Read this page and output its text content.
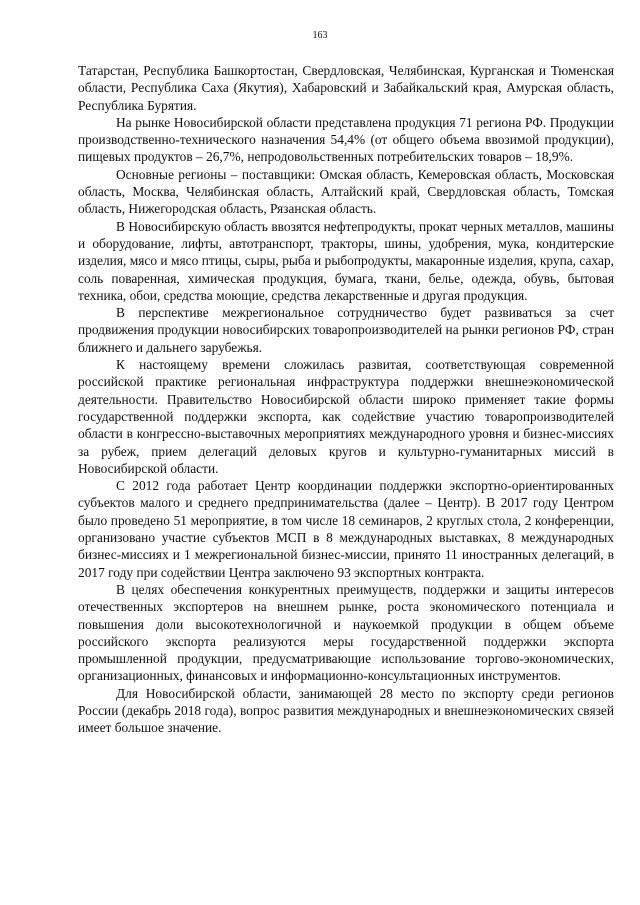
163

Татарстан, Республика Башкортостан, Свердловская, Челябинская, Курганская и Тюменская области, Республика Саха (Якутия), Хабаровский и Забайкальский края, Амурская область, Республика Бурятия.

На рынке Новосибирской области представлена продукция 71 региона РФ. Продукции производственно-технического назначения 54,4% (от общего объема ввозимой продукции), пищевых продуктов – 26,7%, непродовольственных потребительских товаров – 18,9%.

Основные регионы – поставщики: Омская область, Кемеровская область, Московская область, Москва, Челябинская область, Алтайский край, Свердловская область, Томская область, Нижегородская область, Рязанская область.

В Новосибирскую область ввозятся нефтепродукты, прокат черных металлов, машины и оборудование, лифты, автотранспорт, тракторы, шины, удобрения, мука, кондитерские изделия, мясо и мясо птицы, сыры, рыба и рыбопродукты, макаронные изделия, крупа, сахар, соль поваренная, химическая продукция, бумага, ткани, белье, одежда, обувь, бытовая техника, обои, средства моющие, средства лекарственные и другая продукция.

В перспективе межрегиональное сотрудничество будет развиваться за счет продвижения продукции новосибирских товаропроизводителей на рынки регионов РФ, стран ближнего и дальнего зарубежья.

К настоящему времени сложилась развитая, соответствующая современной российской практике региональная инфраструктура поддержки внешнеэкономической деятельности. Правительство Новосибирской области широко применяет такие формы государственной поддержки экспорта, как содействие участию товаропроизводителей области в конгрессно-выставочных мероприятиях международного уровня и бизнес-миссиях за рубеж, прием делегаций деловых кругов и культурно-гуманитарных миссий в Новосибирской области.

С 2012 года работает Центр координации поддержки экспортно-ориентированных субъектов малого и среднего предпринимательства (далее – Центр). В 2017 году Центром было проведено 51 мероприятие, в том числе 18 семинаров, 2 круглых стола, 2 конференции, организовано участие субъектов МСП в 8 международных выставках, 8 международных бизнес-миссиях и 1 межрегиональной бизнес-миссии, принято 11 иностранных делегаций, в 2017 году при содействии Центра заключено 93 экспортных контракта.

В целях обеспечения конкурентных преимуществ, поддержки и защиты интересов отечественных экспортеров на внешнем рынке, роста экономического потенциала и повышения доли высокотехнологичной и наукоемкой продукции в общем объеме российского экспорта реализуются меры государственной поддержки экспорта промышленной продукции, предусматривающие использование торгово-экономических, организационных, финансовых и информационно-консультационных инструментов.

Для Новосибирской области, занимающей 28 место по экспорту среди регионов России (декабрь 2018 года), вопрос развития международных и внешнеэкономических связей имеет большое значение.
